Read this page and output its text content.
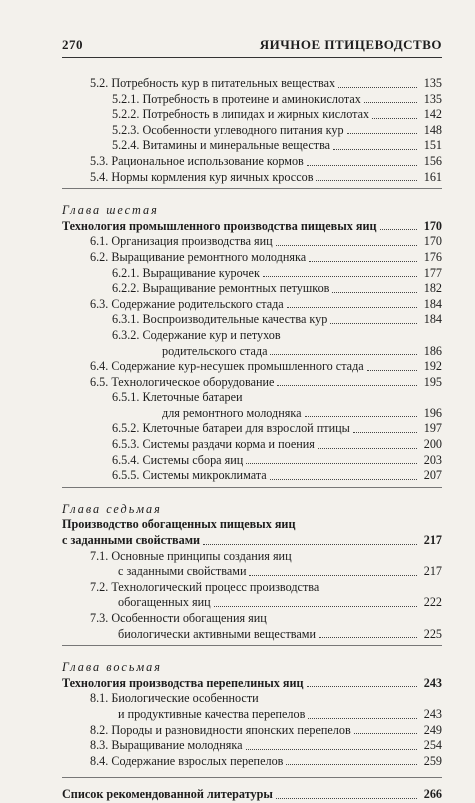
270	ЯИЧНОЕ ПТИЦЕВОДСТВО
5.2. Потребность кур в питательных веществах	135
5.2.1. Потребность в протеине и аминокислотах	135
5.2.2. Потребность в липидах и жирных кислотах	142
5.2.3. Особенности углеводного питания кур	148
5.2.4. Витамины и минеральные вещества	151
5.3. Рациональное использование кормов	156
5.4. Нормы кормления кур яичных кроссов	161
Глава шестая
Технология промышленного производства пищевых яиц	170
6.1. Организация производства яиц	170
6.2. Выращивание ремонтного молодняка	176
6.2.1. Выращивание курочек	177
6.2.2. Выращивание ремонтных петушков	182
6.3. Содержание родительского стада	184
6.3.1. Воспроизводительные качества кур	184
6.3.2. Содержание кур и петухов
родительского стада	186
6.4. Содержание кур-несушек промышленного стада	192
6.5. Технологическое оборудование	195
6.5.1. Клеточные батареи
для ремонтного молодняка	196
6.5.2. Клеточные батареи для взрослой птицы	197
6.5.3. Системы раздачи корма и поения	200
6.5.4. Системы сбора яиц	203
6.5.5. Системы микроклимата	207
Глава седьмая
Производство обогащенных пищевых яиц
с заданными свойствами	217
7.1. Основные принципы создания яиц
с заданными свойствами	217
7.2. Технологический процесс производства
обогащенных яиц	222
7.3. Особенности обогащения яиц
биологически активными веществами	225
Глава восьмая
Технология производства перепелиных яиц	243
8.1. Биологические особенности
и продуктивные качества перепелов	243
8.2. Породы и разновидности японских перепелов	249
8.3. Выращивание молодняка	254
8.4. Содержание взрослых перепелов	259
Список рекомендованной литературы	266
